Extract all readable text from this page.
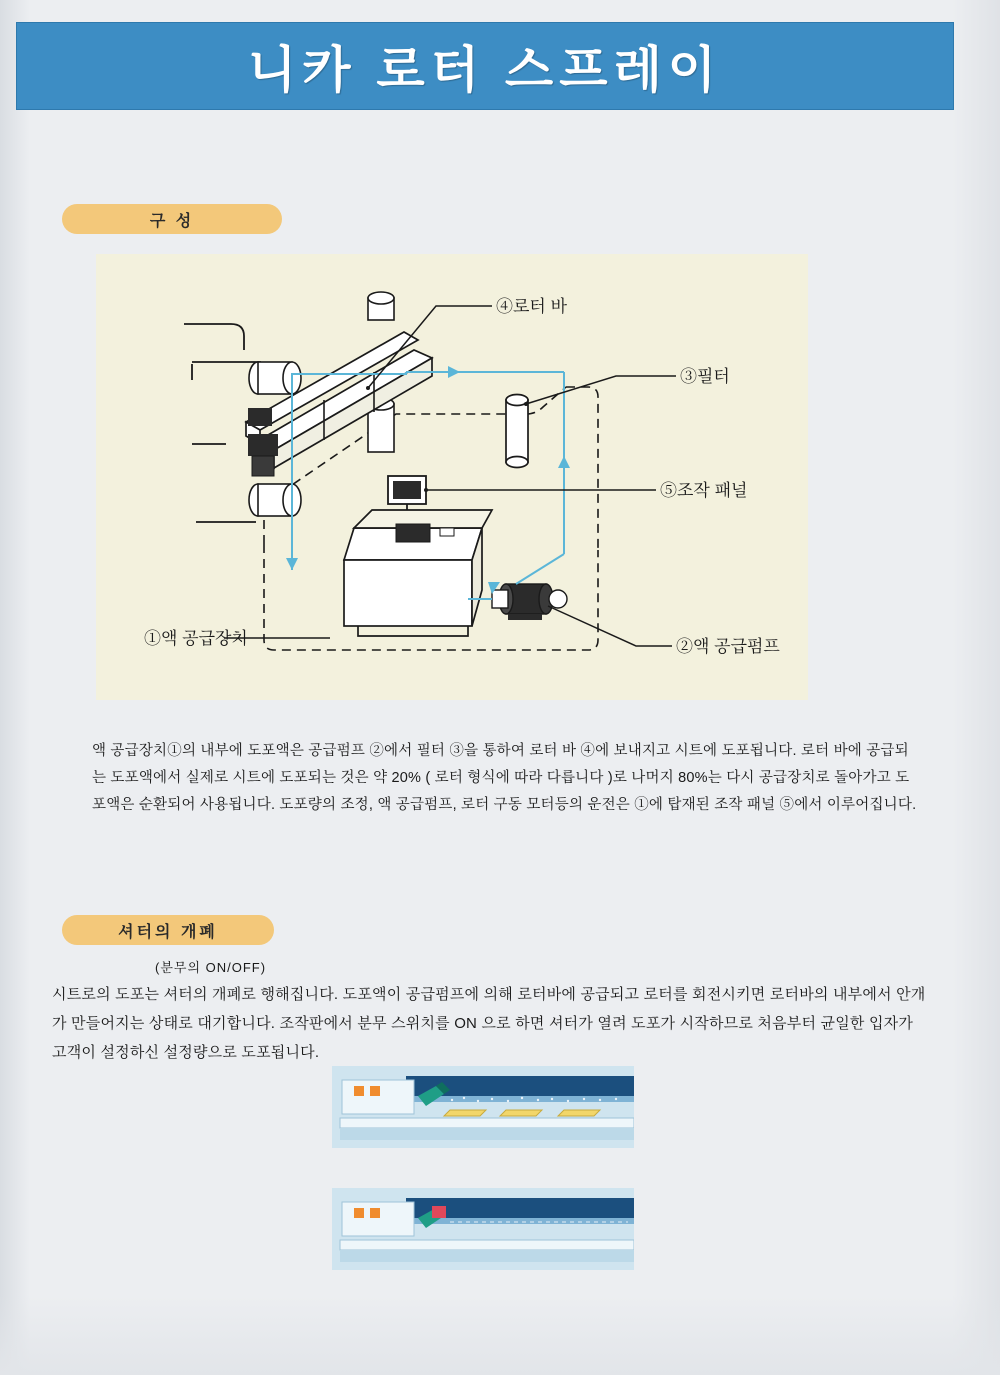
니카 로터 스프레이
구 성
④로터 바
③필터
⑤조작 패널
①액 공급장치	②액 공급펌프
액 공급장치①의 내부에 도포액은 공급펌프 ②에서 필터 ③을 통하여 로터 바 ④에 보내지고 시트에 도포됩니다. 로터 바에 공급되는 도포액에서 실제로 시트에 도포되는 것은 약 20% ( 로터 형식에 따라 다릅니다 )로 나머지 80%는 다시 공급장치로 돌아가고 도포액은 순환되어 사용됩니다. 도포량의 조정, 액 공급펌프, 로터 구동 모터등의 운전은 ①에 탑재된 조작 패널 ⑤에서 이루어집니다.
셔터의 개폐
(분무의 ON/OFF)
시트로의 도포는 셔터의 개폐로 행해집니다. 도포액이 공급펌프에 의해 로터바에 공급되고 로터를 회전시키면 로터바의 내부에서 안개가 만들어지는 상태로 대기합니다. 조작판에서 분무 스위치를 ON 으로 하면 셔터가 열려 도포가 시작하므로 처음부터 균일한 입자가 고객이 설정하신 설정량으로 도포됩니다.
